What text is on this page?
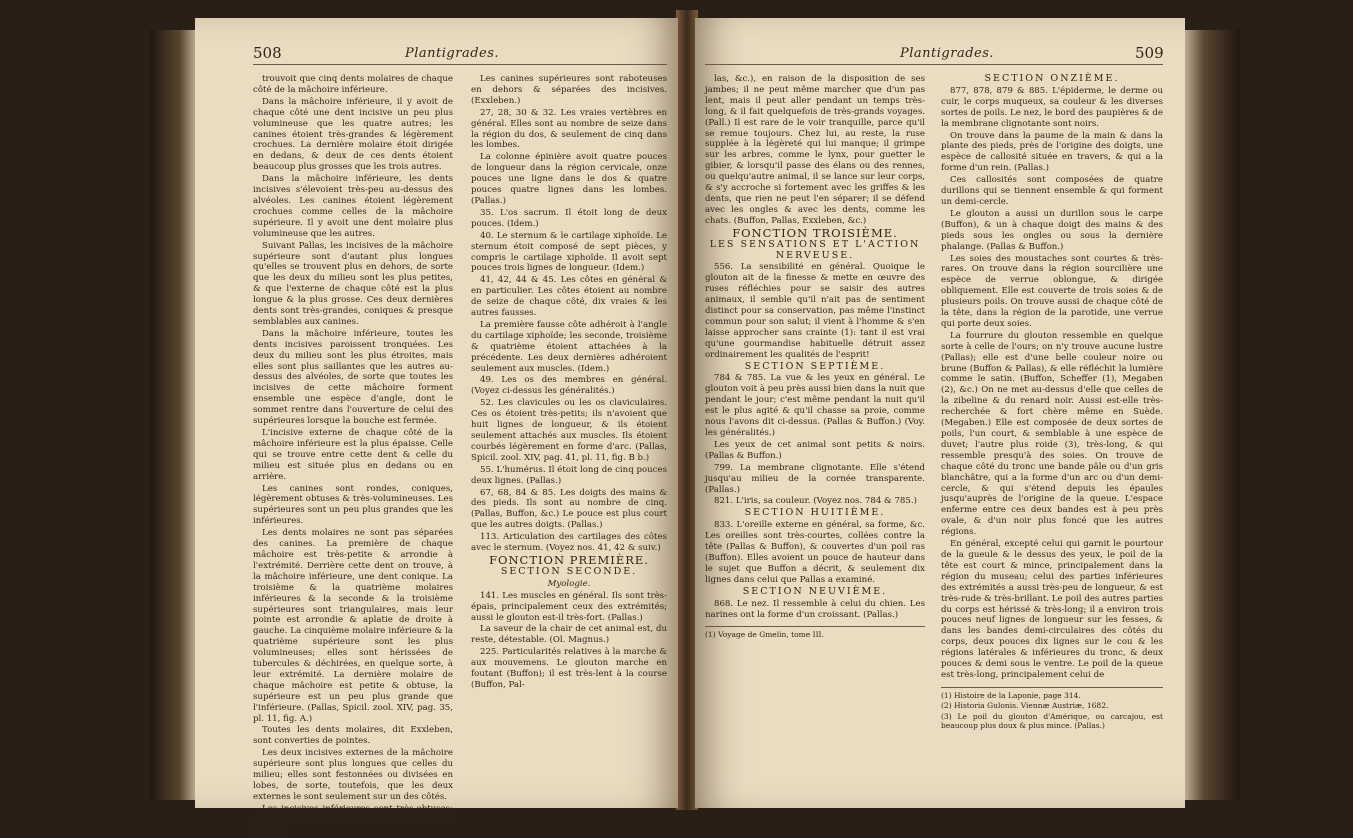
508	Plantigrades.

trouvoit que cinq dents molaires de chaque côté de la mâchoire inférieure.

Dans la mâchoire inférieure, il y avoit de chaque côté une dent incisive un peu plus volumineuse que les quatre autres; les canines étoient très-grandes & légèrement crochues. La dernière molaire étoit dirigée en dedans, & deux de ces dents étoient beaucoup plus grosses que les trois autres.

Dans la mâchoire inférieure, les dents incisives s'élevoient très-peu au-dessus des alvéoles. Les canines étoient légèrement crochues comme celles de la mâchoire supérieure. Il y avoit une dent molaire plus volumineuse que les autres.

Suivant Pallas, les incisives de la mâchoire supérieure sont d'autant plus longues qu'elles se trouvent plus en dehors, de sorte que les deux du milieu sont les plus petites, & que l'externe de chaque côté est la plus longue & la plus grosse. Ces deux dernières dents sont très-grandes, coniques & presque semblables aux canines.

Dans la mâchoire inférieure, toutes les dents incisives paroissent tronquées. Les deux du milieu sont les plus étroites, mais elles sont plus saillantes que les autres au-dessus des alvéoles, de sorte que toutes les incisives de cette mâchoire forment ensemble une espèce d'angle, dont le sommet rentre dans l'ouverture de celui des supérieures lorsque la bouche est fermée.

L'incisive externe de chaque côté de la mâchoire inférieure est la plus épaisse. Celle qui se trouve entre cette dent & celle du milieu est située plus en dedans ou en arrière.

Les canines sont rondes, coniques, légèrement obtuses & très-volumineuses. Les supérieures sont un peu plus grandes que les inférieures.

Les dents molaires ne sont pas séparées des canines. La première de chaque mâchoire est très-petite & arrondie à l'extrémité. Derrière cette dent on trouve, à la mâchoire inférieure, une dent conique. La troisième & la quatrième molaires inférieures & la seconde & la troisième supérieures sont triangulaires, mais leur pointe est arrondie & aplatie de droite à gauche. La cinquième molaire inférieure & la quatrième supérieure sont les plus volumineuses; elles sont hérissées de tubercules & déchirées, en quelque sorte, à leur extrémité. La dernière molaire de chaque mâchoire est petite & obtuse, la supérieure est un peu plus grande que l'inférieure. (Pallas, Spicil. zool. XIV, pag. 35, pl. 11, fig. A.)

Toutes les dents molaires, dit Exxleben, sont converties de pointes.

Les deux incisives externes de la mâchoire supérieure sont plus longues que celles du milieu; elles sont festonnées ou divisées en lobes, de sorte, toutefois, que les deux externes le sont seulement sur un des côtés.

Les incisives inférieures sont très-obtuses; deux sont situées plus en dedans que les autres.

Les canines supérieures sont raboteuses en dehors & séparées des incisives. (Exxleben.)

27, 28, 30 & 32. Les vraies vertèbres en général. Elles sont au nombre de seize dans la région du dos, & seulement de cinq dans les lombes.

La colonne épinière avoit quatre pouces de longueur dans la région cervicale, onze pouces une ligne dans le dos & quatre pouces quatre lignes dans les lombes. (Pallas.)

35. L'os sacrum. Il étoit long de deux pouces. (Idem.)

40. Le sternum & le cartilage xiphoïde. Le sternum étoit composé de sept pièces, y compris le cartilage xiphoïde. Il avoit sept pouces trois lignes de longueur. (Idem.)

41, 42, 44 & 45. Les côtes en général & en particulier. Les côtes étoient au nombre de seize de chaque côté, dix vraies & les autres fausses.

La première fausse côte adhéroit à l'angle du cartilage xiphoïde; les seconde, troisième & quatrième étoient attachées à la précédente. Les deux dernières adhéroient seulement aux muscles. (Idem.)

49. Les os des membres en général. (Voyez ci-dessus les généralités.)

52. Les clavicules ou les os claviculaires. Ces os étoient très-petits; ils n'avoient que huit lignes de longueur, & ils étoient seulement attachés aux muscles. Ils étoient courbés légèrement en forme d'arc. (Pallas, Spicil. zool. XIV, pag. 41, pl. 11, fig. B b.)

55. L'humérus. Il étoit long de cinq pouces deux lignes. (Pallas.)

67, 68, 84 & 85. Les doigts des mains & des pieds. Ils sont au nombre de cinq. (Pallas, Buffon, &c.) Le pouce est plus court que les autres doigts. (Pallas.)

113. Articulation des cartilages des côtes avec le sternum. (Voyez nos. 41, 42 & suiv.)

FONCTION PREMIÈRE.

SECTION SECONDE.

Myologie.

141. Les muscles en général. Ils sont très-épais, principalement ceux des extrémités; aussi le glouton est-il très-fort. (Pallas.)

La saveur de la chair de cet animal est, du reste, détestable. (Ol. Magnus.)

225. Particularités relatives à la marche & aux mouvemens. Le glouton marche en foutant (Buffon); il est très-lent à la course (Buffon, Pal-

Plantigrades.	509

las, &c.), en raison de la disposition de ses jambes; il ne peut même marcher que d'un pas lent, mais il peut aller pendant un temps très-long, & il fait quelquefois de très-grands voyages. (Pall.) Il est rare de le voir tranquille, parce qu'il se remue toujours. Chez lui, au reste, la ruse supplée à la légèreté qui lui manque; il grimpe sur les arbres, comme le lynx, pour guetter le gibier, & lorsqu'il passe des élans ou des rennes, ou quelqu'autre animal, il se lance sur leur corps, & s'y accroche si fortement avec les griffes & les dents, que rien ne peut l'en séparer; il se défend avec les ongles & avec les dents, comme les chats. (Buffon, Pallas, Exxleben, &c.)

FONCTION TROISIÈME.

LES SENSATIONS ET L'ACTION NERVEUSE.

556. La sensibilité en général. Quoique le glouton ait de la finesse & mette en œuvre des ruses réfléchies pour se saisir des autres animaux, il semble qu'il n'ait pas de sentiment distinct pour sa conservation, pas même l'instinct commun pour son salut; il vient à l'homme & s'en laisse approcher sans crainte (1): tant il est vrai qu'une gourmandise habituelle détruit assez ordinairement les qualités de l'esprit!

SECTION SEPTIÈME.

784 & 785. La vue & les yeux en général. Le glouton voit à peu près aussi bien dans la nuit que pendant le jour; c'est même pendant la nuit qu'il est le plus agité & qu'il chasse sa proie, comme nous l'avons dit ci-dessus. (Pallas & Buffon.) (Voy. les généralités.)

Les yeux de cet animal sont petits & noirs. (Pallas & Buffon.)

799. La membrane clignotante. Elle s'étend jusqu'au milieu de la cornée transparente. (Pallas.)

821. L'iris, sa couleur. (Voyez nos. 784 & 785.)

SECTION HUITIÈME.

833. L'oreille externe en général, sa forme, &c. Les oreilles sont très-courtes, collées contre la tête (Pallas & Buffon), & couvertes d'un poil ras (Buffon). Elles avoient un pouce de hauteur dans le sujet que Buffon a décrit, & seulement dix lignes dans celui que Pallas a examiné.

SECTION NEUVIÈME.

868. Le nez. Il ressemble à celui du chien. Les narines ont la forme d'un croissant. (Pallas.)

(1) Voyage de Gmelin, tome III.

SECTION ONZIÈME.

877, 878, 879 & 885. L'épiderme, le derme ou cuir, le corps muqueux, sa couleur & les diverses sortes de poils. Le nez, le bord des paupières & de la membrane clignotante sont noirs.

On trouve dans la paume de la main & dans la plante des pieds, près de l'origine des doigts, une espèce de callosité située en travers, & qui a la forme d'un rein. (Pallas.)

Ces callosités sont composées de quatre durillons qui se tiennent ensemble & qui forment un demi-cercle.

Le glouton a aussi un durillon sous le carpe (Buffon), & un à chaque doigt des mains & des pieds sous les ongles ou sous la dernière phalange. (Pallas & Buffon.)

Les soies des moustaches sont courtes & très-rares. On trouve dans la région sourcilière une espèce de verrue oblongue, & dirigée obliquement. Elle est couverte de trois soies & de plusieurs poils. On trouve aussi de chaque côté de la tête, dans la région de la parotide, une verrue qui porte deux soies.

La fourrure du glouton ressemble en quelque sorte à celle de l'ours; on n'y trouve aucune lustre (Pallas); elle est d'une belle couleur noire ou brune (Buffon & Pallas), & elle réfléchit la lumière comme le satin. (Buffon, Scheffer (1), Megaben (2), &c.) On ne met au-dessus d'elle que celles de la zibeline & du renard noir. Aussi est-elle très-recherchée & fort chère même en Suède. (Megaben.) Elle est composée de deux sortes de poils, l'un court, & semblable à une espèce de duvet; l'autre plus roide (3), très-long, & qui ressemble presqu'à des soies. On trouve de chaque côté du tronc une bande pâle ou d'un gris blanchâtre, qui a la forme d'un arc ou d'un demi-cercle, & qui s'étend depuis les épaules jusqu'auprès de l'origine de la queue. L'espace enferme entre ces deux bandes est à peu près ovale, & d'un noir plus foncé que les autres régions.

En général, excepté celui qui garnit le pourtour de la gueule & le dessus des yeux, le poil de la tête est court & mince, principalement dans la région du museau; celui des parties inférieures des extrémités a aussi très-peu de longueur, & est très-rude & très-brillant. Le poil des autres parties du corps est hérissé & très-long; il a environ trois pouces neuf lignes de longueur sur les fesses, & dans les bandes demi-circulaires des côtés du corps, deux pouces dix lignes sur le cou & les régions latérales & inférieures du tronc, & deux pouces & demi sous le ventre. Le poil de la queue est très-long, principalement celui de

(1) Histoire de la Laponie, page 314.

(2) Historia Gulonis. Viennæ Austriæ, 1682.

(3) Le poil du glouton d'Amérique, ou carcajou, est beaucoup plus doux & plus mince. (Pallas.)
